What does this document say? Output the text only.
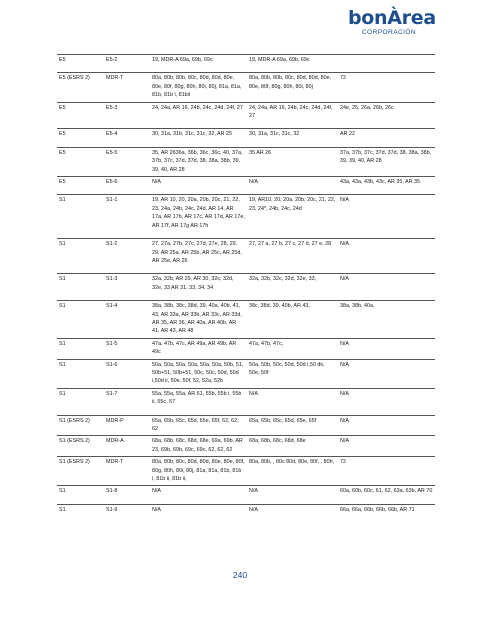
bonÀrea
CORPORACIÓN
E5	E5-2	19, MDR-A 69a, 69b, 69c	19, MDR-A 69a, 69b, 69c	

E5 (ESRS 2)	MDR-T	80a, 80b, 80b, 80c, 80d, 80d, 80e, 80e, 80f, 80g, 80h, 80i, 80j, 81a, 81a, 81b, 81b i, 81bii	80a, 80b, 80b, 80c, 80d, 80d, 80e, 80e, 80f, 80g, 80h, 80i, 80j	72
E5	E5-3	24, 24a, AR 16, 24b, 24c, 24d, 24f, 27	24, 24a, AR 16, 24b, 24c, 24d, 24f, 27	24e, 25, 26a, 26b, 26c

E5	E5-4	30, 31a, 31b, 31c, 31c, 32, AR 25	30, 31a, 31c, 31c, 32	AR 22

E5	E5-5	35, AR 2636a, 36b, 36c, 36c, 40, 37a, 37b, 37c, 37d, 37d, 38, 38a, 38b, 39, 39, 40, AR 28	35 AR 26	37a, 37b, 37c, 37d, 37d, 38, 38a, 38b, 39, 39, 40, AR 28
E5	E5-6	N/A	N/A	43a, 43a, 43b, 43c, AR 35, AR 35

S1	S1-1	19, AR 10, 20, 20a, 20b, 20c, 21, 22, 23, 24a, 24b, 24c, 24d, AR 14, AR 17a, AR 17b, AR 17c, AR 17d, AR 17e, AR 17f, AR 17g AR 17h	19, AR10, 20, 20a, 20b, 20c, 21, 22, 23, 24*, 24b, 24c, 24d	N/A

S1	S1-2	27, 27a, 27b, 27c, 27d, 27e, 28, 29, 29, AR 25a, AR 25b, AR 25c, AR 25d, AR 25e, AR 26	27, 27 a, 27 b, 27 c, 27 d, 27 e, 28	N/A

S1	S1-3	32a, 32b, AR 29, AR 30, 32c, 32d, 32e, 33 AR 31, 33, 34, 34	32a, 32b, 32c, 32d, 32e, 33,	N/A

S1	S1-4	38a, 38b, 38c, 38d, 39, 40a, 40b, 41, 43, AR 33a, AR 33b, AR 33c, AR 33d, AR 35, AR 36, AR 40a, AR 40b, AR 41, AR 43, AR 48	38c, 38d, 39, 40b, AR 43,	38a, 38b, 40a,
S1	S1-5	47a, 47b, 47c, AR 49a, AR 49b, AR 49c	47a, 47b, 47c,	N/A
S1	S1-6	50a, 50a, 50a, 50a, 50a, 50a, 50b, 51, 50b+51, 50b+51, 50c, 50c, 50d, 50d i,50d ii, 50e, 50f, 52, 52a, 52b	50a, 50b, 50c, 50d, 50d i,50 dii, 50e, 50f	N/A
S1	S1-7	55a, 55a, 55a, AR 61, 55b, 55b i, 55b ii, 55c, 57	N/A	N/A

S1 (ESRS 2)	MDR-P	65a, 65b, 65c, 65d, 65e, 65f, 62, 62, 62	65a, 65b, 65c, 65d, 65e, 65f	N/A
S1 (ESRS 2)	MDR-A	68a, 68b, 68c, 68d, 68e, 69a, 69b, AR 23, 69b, 69b, 69c, 69c, 62, 62, 62	68a, 68b, 68c, 68d, 68e	N/A
S1 (ESRS 2)	MDR-T	80a, 80b, 80c, 80d, 80d, 80e, 80e, 80f, 80g, 80h, 80i, 80j, 81a, 81a, 81b, 81b i, 81b ii, 81b ii,	80a, 80b, , 80c 80d, 80e, 80f, , 80h,	72
S1	S1-8	N/A	N/A	60a, 60b, 60c, 61, 62, 63a, 63b, AR 70

S1	S1-9	N/A	N/A	66a, 66a, 66b, 66b, 66b, AR 71
240
